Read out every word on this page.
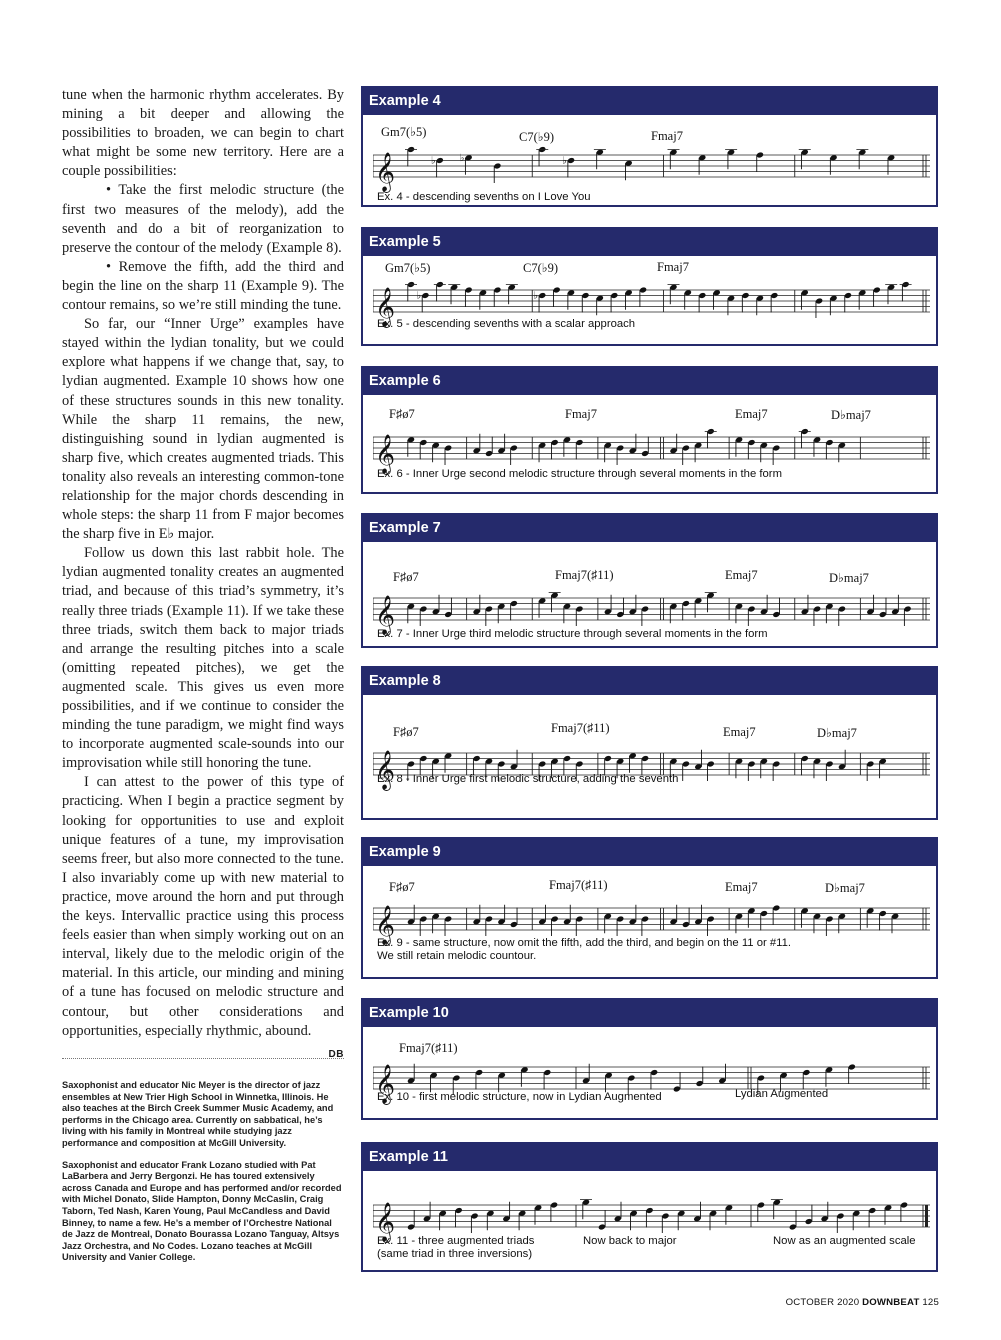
tune when the harmonic rhythm accelerates. By mining a bit deeper and allowing the possibilities to broaden, we can begin to chart what might be some new territory. Here are a couple possibilities:

• Take the first melodic structure (the first two measures of the melody), add the seventh and do a bit of reorganization to preserve the contour of the melody (Example 8).

• Remove the fifth, add the third and begin the line on the sharp 11 (Example 9). The contour remains, so we’re still minding the tune.

So far, our “Inner Urge” examples have stayed within the lydian tonality, but we could explore what happens if we change that, say, to lydian augmented. Example 10 shows how one of these structures sounds in this new tonality. While the sharp 11 remains, the new, distinguishing sound in lydian augmented is sharp five, which creates augmented triads. This tonality also reveals an interesting common-tone relationship for the major chords descending in whole steps: the sharp 11 from F major becomes the sharp five in E♭ major.

Follow us down this last rabbit hole. The lydian augmented tonality creates an augmented triad, and because of this triad’s symmetry, it’s really three triads (Example 11). If we take these three triads, switch them back to major triads and arrange the resulting pitches into a scale (omitting repeated pitches), we get the augmented scale. This gives us even more possibilities, and if we continue to consider the minding the tune paradigm, we might find ways to incorporate augmented scale-sounds into our improvisation while still honoring the tune.

I can attest to the power of this type of practicing. When I begin a practice segment by looking for opportunities to use and exploit unique features of a tune, my improvisation seems freer, but also more connected to the tune. I also invariably come up with new material to practice, move around the horn and put through the keys. Intervallic practice using this process feels easier than when simply working out on an interval, likely due to the melodic origin of the material. In this article, our minding and mining of a tune has focused on melodic structure and contour, but other considerations and opportunities, especially rhythmic, abound.
DB

Saxophonist and educator Nic Meyer is the director of jazz ensembles at New Trier High School in Winnetka, Illinois. He also teaches at the Birch Creek Summer Music Academy, and performs in the Chicago area. Currently on sabbatical, he’s living with his family in Montreal while studying jazz performance and composition at McGill University.

Saxophonist and educator Frank Lozano studied with Pat LaBarbera and Jerry Bergonzi. He has toured extensively across Canada and Europe and has performed and/or recorded with Michel Donato, Slide Hampton, Donny McCaslin, Craig Taborn, Ted Nash, Karen Young, Paul McCandless and David Binney, to name a few. He’s a member of l’Orchestre National de Jazz de Montreal, Donato Bourassa Lozano Tanguay, Altsys Jazz Orchestra, and No Codes. Lozano teaches at McGill University and Vanier College.

Example 4
Gm7(♭5)	C7(♭9)	Fmaj7
𝄞	♭ ♭	♭
Ex. 4 - descending sevenths on I Love You
Example 5
Gm7(♭5)	C7(♭9)	Fmaj7
𝄞 ♭	♭
Ex. 5 - descending sevenths with a scalar approach
Example 6
F♯ø7	Fmaj7	Emaj7	D♭maj7
𝄞
Ex. 6 - Inner Urge second melodic structure through several moments in the form
Example 7
F♯ø7	Fmaj7(♯11)	Emaj7	D♭maj7
𝄞
Ex. 7 - Inner Urge third melodic structure through several moments in the form
Example 8
F♯ø7	Fmaj7(♯11)	Emaj7	D♭maj7
𝄞
Ex. 8 - Inner Urge first melodic structure, adding the seventh
Example 9
F♯ø7	Fmaj7(♯11)	Emaj7	D♭maj7
𝄞
Ex. 9 - same structure, now omit the fifth, add the third, and begin on the 11 or #11.
We still retain melodic countour.
Example 10
Fmaj7(♯11)
𝄞
Ex. 10 - first melodic structure, now in Lydian Augmented	Lydian Augmented
Example 11
𝄞
Ex. 11 - three augmented triads
(same triad in three inversions)
Now back to major	Now as an augmented scale
OCTOBER 2020 DOWNBEAT 125
